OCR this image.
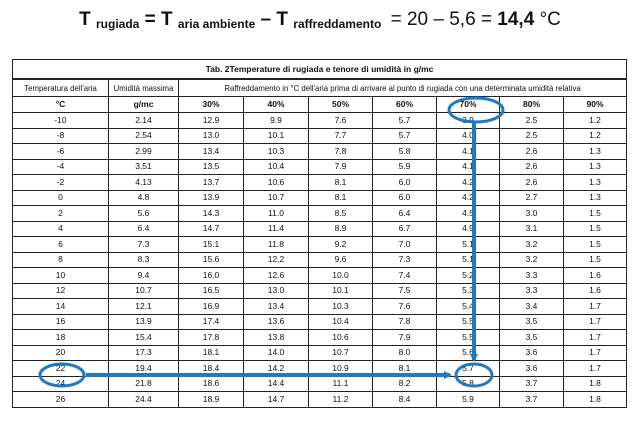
T rugiada = T aria ambiente – T raffreddamento = 20 – 5,6 = 14,4 °C
Tab. 2Temperature di rugiada e tenore di umidità in g/mc								
Temperatura dell'aria	Umidità massima	Raffreddamento in °C dell'aria prima di arrivare al punto di rugiada con una determinata umidità relativa						
°C	g/mc	30%	40%	50%	60%	70%	80%	90%
-10	2.14	12.9	9.9	7.6	5.7	3.9	2.5	1.2
-8	2.54	13.0	10.1	7.7	5.7	4.0	2.5	1.2
-6	2.99	13.4	10.3	7.8	5.8	4.1	2.6	1.3
-4	3.51	13.5	10.4	7.9	5.9	4.1	2.6	1.3
-2	4.13	13.7	10.6	8.1	6.0	4.2	2.6	1.3
0	4.8	13.9	10.7	8.1	6.0	4.2	2.7	1.3
2	5.6	14.3	11.0	8.5	6.4	4.5	3.0	1.5
4	6.4	14.7	11.4	8.9	6.7	4.9	3.1	1.5
6	7.3	15.1	11.8	9.2	7.0	5.1	3.2	1.5
8	8.3	15.6	12.2	9.6	7.3	5.1	3.2	1.5
10	9.4	16.0	12.6	10.0	7.4	5.2	3.3	1.6
12	10.7	16.5	13.0	10.1	7.5	5.3	3.3	1.6
14	12.1	16.9	13.4	10.3	7.6	5.4	3.4	1.7
16	13.9	17.4	13.6	10.4	7.8	5.5	3.5	1.7
18	15.4	17.8	13.8	10.6	7.9	5.5	3.5	1.7
20	17.3	18.1	14.0	10.7	8.0	5.6	3.6	1.7
22	19.4	18.4	14.2	10.9	8.1	5.7	3.6	1.7
24	21.8	18.6	14.4	11.1	8.2	5.8	3.7	1.8
26	24.4	18.9	14.7	11.2	8.4	5.9	3.7	1.8
